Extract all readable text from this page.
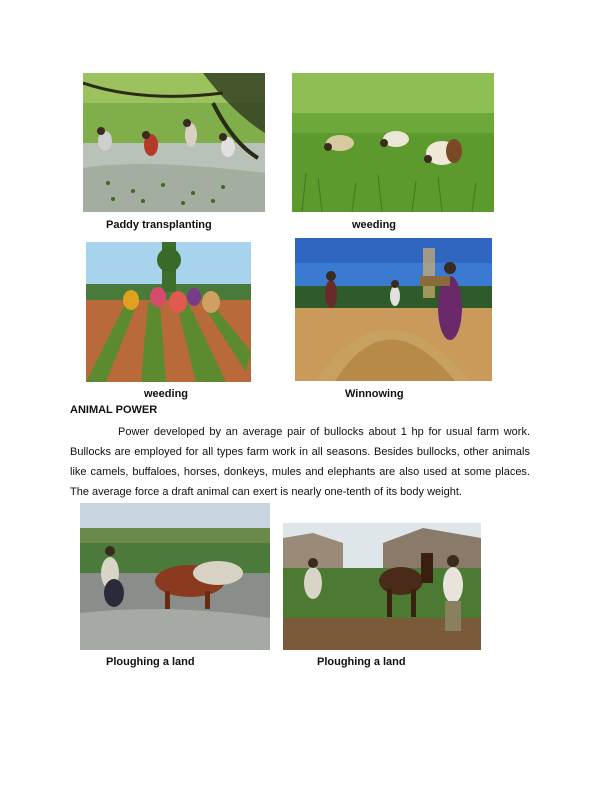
Paddy transplanting	weeding
weeding	Winnowing
ANIMAL POWER

Power developed by an average pair of bullocks about 1 hp for usual farm work. Bullocks are employed for all types farm work in all seasons. Besides bullocks, other animals like camels, buffaloes, horses, donkeys, mules and elephants are also used at some places. The average force a draft animal can exert is nearly one-tenth of its body weight.

Ploughing a land	Ploughing a land
